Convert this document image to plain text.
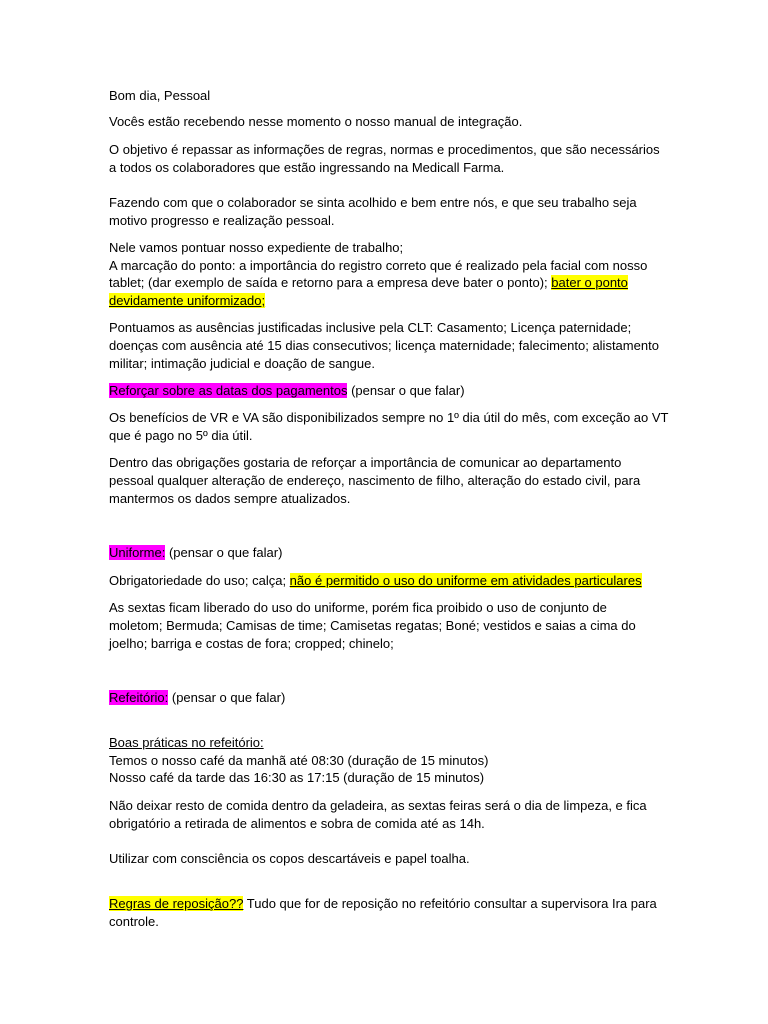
Bom dia, Pessoal
Vocês estão recebendo nesse momento o nosso manual de integração.
O objetivo é repassar as informações de regras, normas e procedimentos, que são necessários
a todos os colaboradores que estão ingressando na Medicall Farma.
Fazendo com que o colaborador se sinta acolhido e bem entre nós, e que seu trabalho seja
motivo progresso e realização pessoal.
Nele vamos pontuar nosso expediente de trabalho;
A marcação do ponto: a importância do registro correto que é realizado pela facial com nosso
tablet; (dar exemplo de saída e retorno para a empresa deve bater o ponto); bater o ponto
devidamente uniformizado;
Pontuamos as ausências justificadas inclusive pela CLT: Casamento; Licença paternidade;
doenças com ausência até 15 dias consecutivos; licença maternidade; falecimento; alistamento
militar; intimação judicial e doação de sangue.
Reforçar sobre as datas dos pagamentos (pensar o que falar)
Os benefícios de VR e VA são disponibilizados sempre no 1º dia útil do mês, com exceção ao VT
que é pago no 5º dia útil.
Dentro das obrigações gostaria de reforçar a importância de comunicar ao departamento
pessoal qualquer alteração de endereço, nascimento de filho, alteração do estado civil, para
mantermos os dados sempre atualizados.
Uniforme: (pensar o que falar)
Obrigatoriedade do uso; calça; não é permitido o uso do uniforme em atividades particulares
As sextas ficam liberado do uso do uniforme, porém fica proibido o uso de conjunto de
moletom; Bermuda; Camisas de time; Camisetas regatas; Boné; vestidos e saias a cima do
joelho; barriga e costas de fora; cropped; chinelo;
Refeitório: (pensar o que falar)
Boas práticas no refeitório:
Temos o nosso café da manhã até 08:30 (duração de 15 minutos)
Nosso café da tarde das 16:30 as 17:15 (duração de 15 minutos)
Não deixar resto de comida dentro da geladeira, as sextas feiras será o dia de limpeza, e fica
obrigatório a retirada de alimentos e sobra de comida até as 14h.
Utilizar com consciência os copos descartáveis e papel toalha.
Regras de reposição?? Tudo que for de reposição no refeitório consultar a supervisora Ira para
controle.
